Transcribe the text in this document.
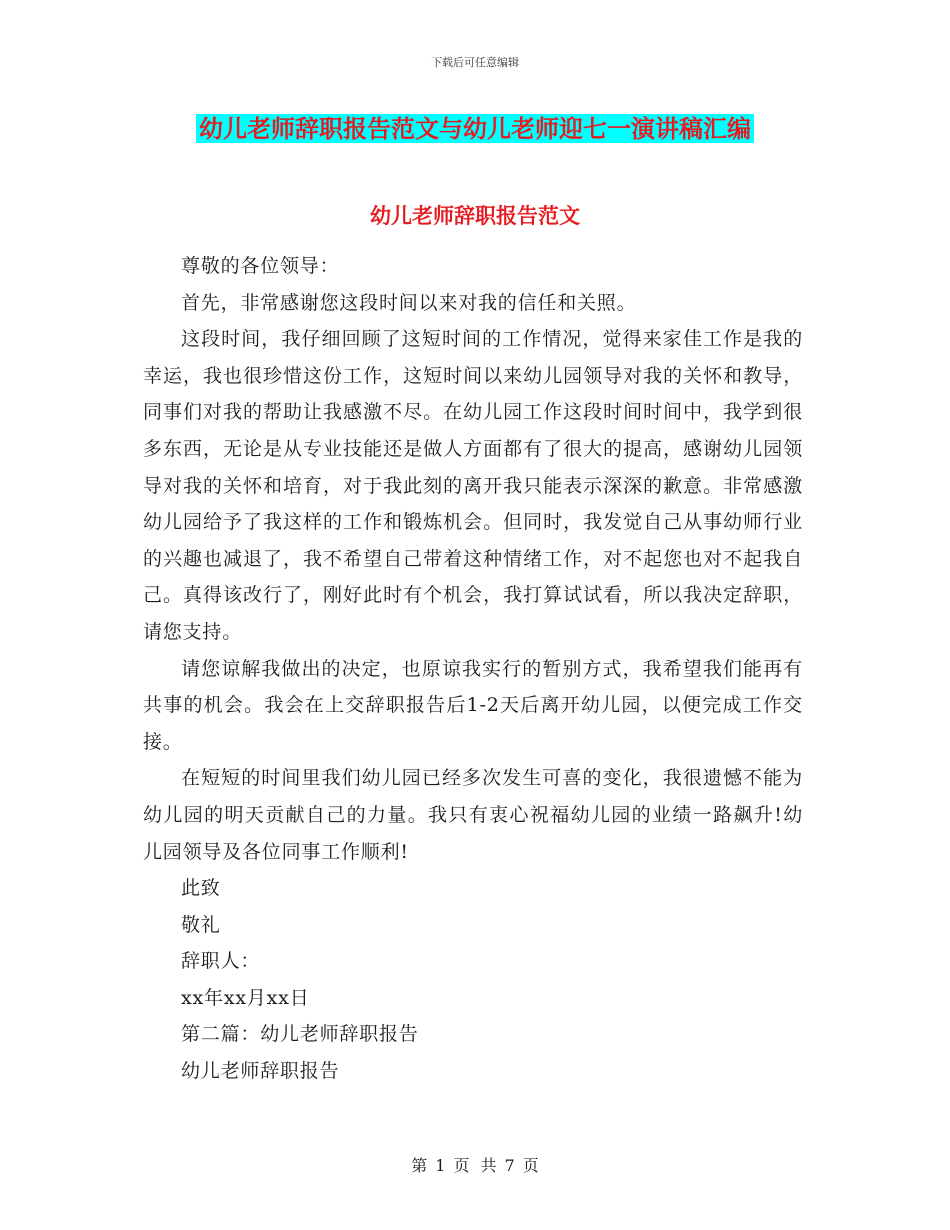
下载后可任意编辑
幼儿老师辞职报告范文与幼儿老师迎七一演讲稿汇编
幼儿老师辞职报告范文

尊敬的各位领导：

首先，非常感谢您这段时间以来对我的信任和关照。

这段时间，我仔细回顾了这短时间的工作情况，觉得来家佳工作是我的幸运，我也很珍惜这份工作，这短时间以来幼儿园领导对我的关怀和教导，同事们对我的帮助让我感激不尽。在幼儿园工作这段时间时间中，我学到很多东西，无论是从专业技能还是做人方面都有了很大的提高，感谢幼儿园领导对我的关怀和培育，对于我此刻的离开我只能表示深深的歉意。非常感激幼儿园给予了我这样的工作和锻炼机会。但同时，我发觉自己从事幼师行业的兴趣也减退了，我不希望自己带着这种情绪工作，对不起您也对不起我自己。真得该改行了，刚好此时有个机会，我打算试试看，所以我决定辞职，请您支持。

请您谅解我做出的决定，也原谅我实行的暂别方式，我希望我们能再有共事的机会。我会在上交辞职报告后1-2天后离开幼儿园，以便完成工作交接。

在短短的时间里我们幼儿园已经多次发生可喜的变化，我很遗憾不能为幼儿园的明天贡献自己的力量。我只有衷心祝福幼儿园的业绩一路飙升!幼儿园领导及各位同事工作顺利!

此致

敬礼

辞职人：

xx年xx月xx日

第二篇：幼儿老师辞职报告

幼儿老师辞职报告

第 1 页 共 7 页
